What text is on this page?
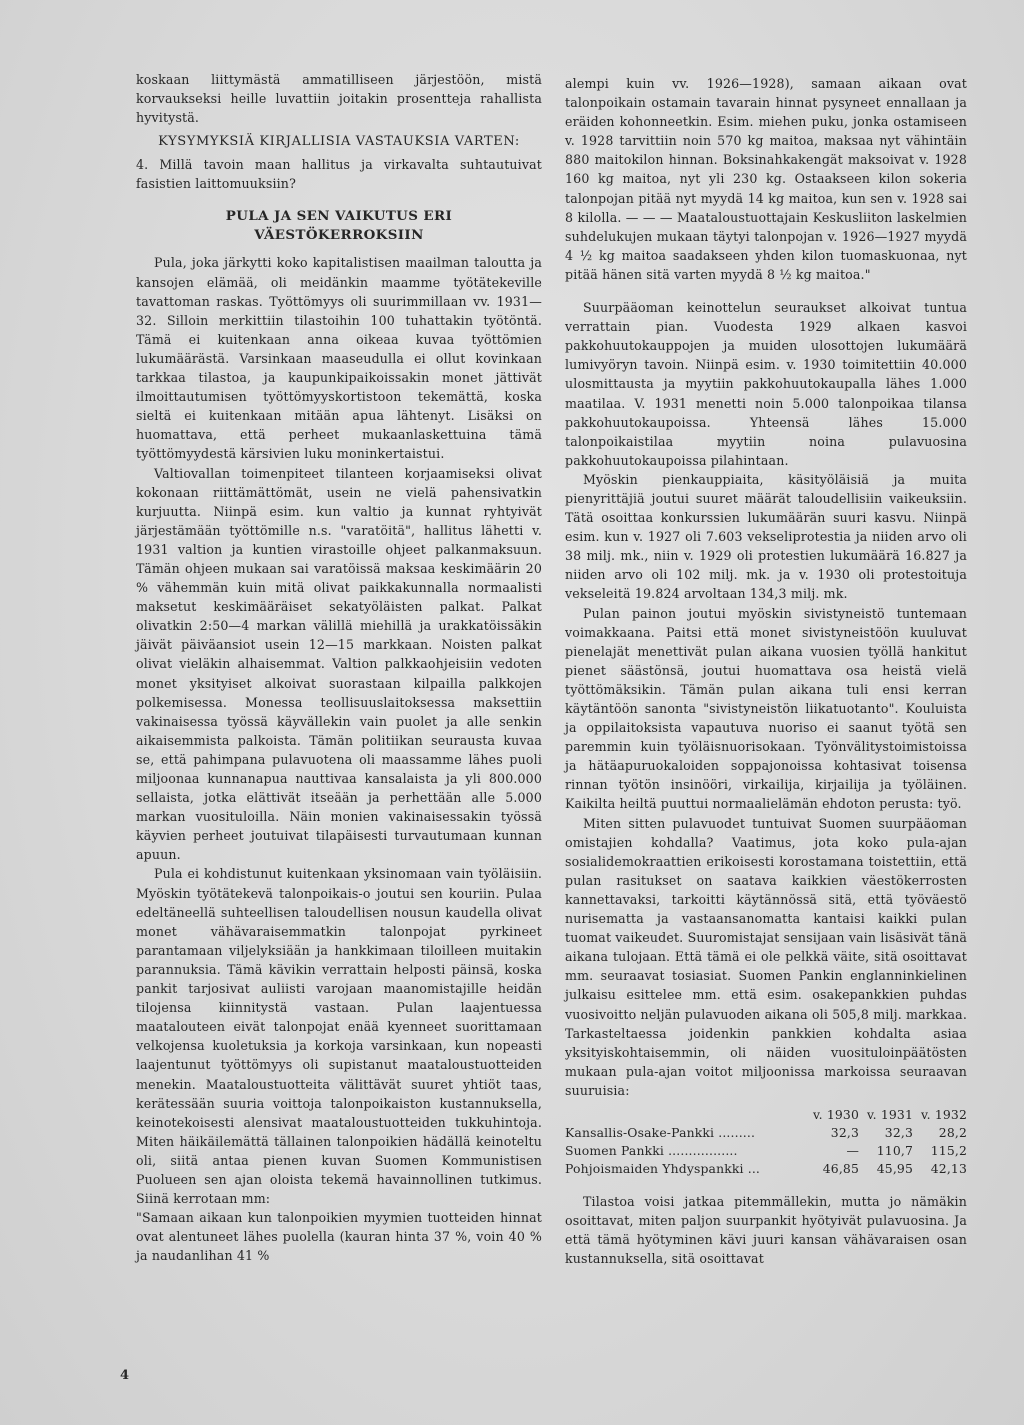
koskaan liittymästä ammatilliseen järjestöön, mistä korvaukseksi heille luvattiin joitakin prosentteja rahallista hyvitystä.

KYSYMYKSIÄ KIRJALLISIA VASTAUKSIA VARTEN:

4. Millä tavoin maan hallitus ja virkavalta suhtautuivat fasistien laittomuuksiin?

PULA JA SEN VAIKUTUS ERI VÄESTÖKERROKSIIN

Pula, joka järkytti koko kapitalistisen maailman taloutta ja kansojen elämää, oli meidänkin maamme työtätekeville tavattoman raskas. Työttömyys oli suurimmillaan vv. 1931—32. Silloin merkittiin tilastoihin 100 tuhattakin työtöntä. Tämä ei kuitenkaan anna oikeaa kuvaa työttömien lukumäärästä. Varsinkaan maaseudulla ei ollut kovinkaan tarkkaa tilastoa, ja kaupunkipaikoissakin monet jättivät ilmoittautumisen työttömyyskortistoon tekemättä, koska sieltä ei kuitenkaan mitään apua lähtenyt. Lisäksi on huomattava, että perheet mukaanlaskettuina tämä työttömyydestä kärsivien luku moninkertaistui.

Valtiovallan toimenpiteet tilanteen korjaamiseksi olivat kokonaan riittämättömät, usein ne vielä pahensivatkin kurjuutta. Niinpä esim. kun valtio ja kunnat ryhtyivät järjestämään työttömille n.s. "varatöitä", hallitus lähetti v. 1931 valtion ja kuntien virastoille ohjeet palkanmaksuun. Tämän ohjeen mukaan sai varatöissä maksaa keskimäärin 20 % vähemmän kuin mitä olivat paikkakunnalla normaalisti maksetut keskimääräiset sekatyöläisten palkat. Palkat olivatkin 2:50—4 markan välillä miehillä ja urakkatöissäkin jäivät päiväansiot usein 12—15 markkaan. Noisten palkat olivat vieläkin alhaisemmat. Valtion palkkaohjeisiin vedoten monet yksityiset alkoivat suorastaan kilpailla palkkojen polkemisessa. Monessa teollisuuslaitoksessa maksettiin vakinaisessa työssä käyvällekin vain puolet ja alle senkin aikaisemmista palkoista. Tämän politiikan seurausta kuvaa se, että pahimpana pulavuotena oli maassamme lähes puoli miljoonaa kunnanapua nauttivaa kansalaista ja yli 800.000 sellaista, jotka elättivät itseään ja perhettään alle 5.000 markan vuosituloilla. Näin monien vakinaisessakin työssä käyvien perheet joutuivat tilapäisesti turvautumaan kunnan apuun.

Pula ei kohdistunut kuitenkaan yksinomaan vain työläisiin. Myöskin työtätekevä talonpoikais-o joutui sen kouriin. Pulaa edeltäneellä suhteellisen taloudellisen nousun kaudella olivat monet vähävaraisemmatkin talonpojat pyrkineet parantamaan viljelyksiään ja hankkimaan tiloilleen muitakin parannuksia. Tämä kävikin verrattain helposti päinsä, koska pankit tarjosivat auliisti varojaan maanomistajille heidän tilojensa kiinnitystä vastaan. Pulan laajentuessa maatalouteen eivät talonpojat enää kyenneet suorittamaan velkojensa kuoletuksia ja korkoja varsinkaan, kun nopeasti laajentunut työttömyys oli supistanut maataloustuotteiden menekin. Maataloustuotteita välittävät suuret yhtiöt taas, kerätessään suuria voittoja talonpoikaiston kustannuksella, keinotekoisesti alensivat maataloustuotteiden tukkuhintoja. Miten häikäilemättä tällainen talonpoikien hädällä keinoteltu oli, siitä antaa pienen kuvan Suomen Kommunistisen Puolueen sen ajan oloista tekemä havainnollinen tutkimus. Siinä kerrotaan mm:

"Samaan aikaan kun talonpoikien myymien tuotteiden hinnat ovat alentuneet lähes puolella (kauran hinta 37 %, voin 40 % ja naudanlihan 41 %

alempi kuin vv. 1926—1928), samaan aikaan ovat talonpoikain ostamain tavarain hinnat pysyneet ennallaan ja eräiden kohonneetkin. Esim. miehen puku, jonka ostamiseen v. 1928 tarvittiin noin 570 kg maitoa, maksaa nyt vähintäin 880 maitokilon hinnan. Boksinahkakengät maksoivat v. 1928 160 kg maitoa, nyt yli 230 kg. Ostaakseen kilon sokeria talonpojan pitää nyt myydä 14 kg maitoa, kun sen v. 1928 sai 8 kilolla. — — — Maataloustuottajain Keskusliiton laskelmien suhdelukujen mukaan täytyi talonpojan v. 1926—1927 myydä 4 ½ kg maitoa saadakseen yhden kilon tuomaskuonaa, nyt pitää hänen sitä varten myydä 8 ½ kg maitoa."

Suurpääoman keinottelun seuraukset alkoivat tuntua verrattain pian. Vuodesta 1929 alkaen kasvoi pakkohuutokauppojen ja muiden ulosottojen lukumäärä lumivyöryn tavoin. Niinpä esim. v. 1930 toimitettiin 40.000 ulosmittausta ja myytiin pakkohuutokaupalla lähes 1.000 maatilaa. V. 1931 menetti noin 5.000 talonpoikaa tilansa pakkohuutokaupoissa. Yhteensä lähes 15.000 talonpoikaistilaa myytiin noina pulavuosina pakkohuutokaupoissa pilahintaan.

Myöskin pienkauppiaita, käsityöläisiä ja muita pienyrittäjiä joutui suuret määrät taloudellisiin vaikeuksiin. Tätä osoittaa konkurssien lukumäärän suuri kasvu. Niinpä esim. kun v. 1927 oli 7.603 vekseliprotestia ja niiden arvo oli 38 milj. mk., niin v. 1929 oli protestien lukumäärä 16.827 ja niiden arvo oli 102 milj. mk. ja v. 1930 oli protestoituja vekseleitä 19.824 arvoltaan 134,3 milj. mk.

Pulan painon joutui myöskin sivistyneistö tuntemaan voimakkaana. Paitsi että monet sivistyneistöön kuuluvat pienelajät menettivät pulan aikana vuosien työllä hankitut pienet säästönsä, joutui huomattava osa heistä vielä työttömäksikin. Tämän pulan aikana tuli ensi kerran käytäntöön sanonta "sivistyneistön liikatuotanto". Kouluista ja oppilaitoksista vapautuva nuoriso ei saanut työtä sen paremmin kuin työläisnuorisokaan. Työnvälitystoimistoissa ja hätäapuruokaloiden soppajonoissa kohtasivat toisensa rinnan työtön insinööri, virkailija, kirjailija ja työläinen. Kaikilta heiltä puuttui normaalielämän ehdoton perusta: työ.

Miten sitten pulavuodet tuntuivat Suomen suurpääoman omistajien kohdalla? Vaatimus, jota koko pula-ajan sosialidemokraattien erikoisesti korostamana toistettiin, että pulan rasitukset on saatava kaikkien väestökerrosten kannettavaksi, tarkoitti käytännössä sitä, että työväestö nurisematta ja vastaansanomatta kantaisi kaikki pulan tuomat vaikeudet. Suuromistajat sensijaan vain lisäsivät tänä aikana tulojaan. Että tämä ei ole pelkkä väite, sitä osoittavat mm. seuraavat tosiasiat. Suomen Pankin englanninkielinen julkaisu esittelee mm. että esim. osakepankkien puhdas vuosivoitto neljän pulavuoden aikana oli 505,8 milj. markkaa. Tarkasteltaessa joidenkin pankkien kohdalta asiaa yksityiskohtaisemmin, oli näiden vuosituloinpäätösten mukaan pula-ajan voitot miljoonissa markoissa seuraavan suuruisia:

	v. 1930	v. 1931	v. 1932
Kansallis-Osake-Pankki .........	32,3	32,3	28,2
Suomen Pankki .................	—	110,7	115,2
Pohjoismaiden Yhdyspankki ...	46,85	45,95	42,13

Tilastoa voisi jatkaa pitemmällekin, mutta jo nämäkin osoittavat, miten paljon suurpankit hyötyivät pulavuosina. Ja että tämä hyötyminen kävi juuri kansan vähävaraisen osan kustannuksella, sitä osoittavat

4
